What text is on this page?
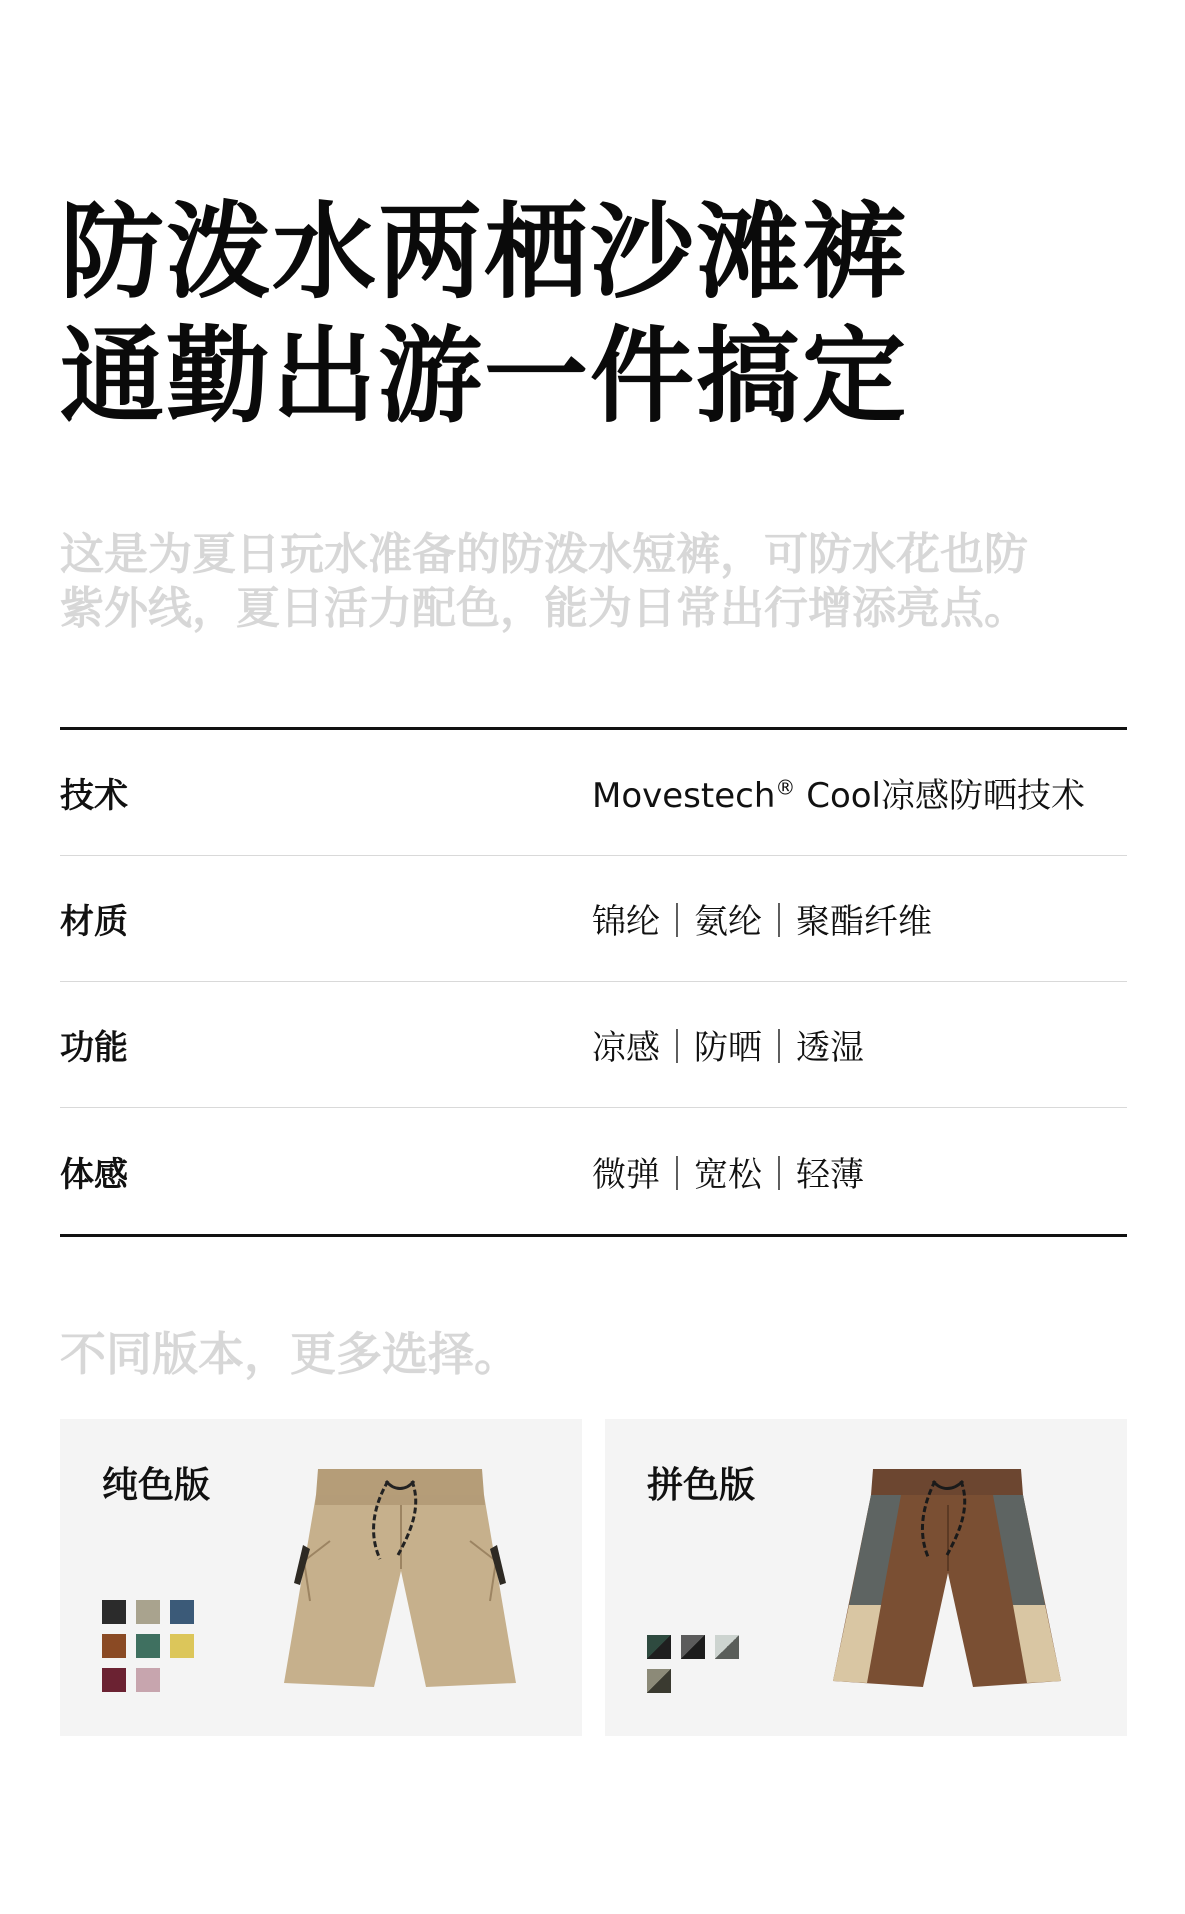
防泼水两栖沙滩裤
通勤出游一件搞定
这是为夏日玩水准备的防泼水短裤，可防水花也防
紫外线，夏日活力配色，能为日常出行增添亮点。
技术	Movestech® Cool凉感防晒技术
材质	锦纶｜氨纶｜聚酯纤维
功能	凉感｜防晒｜透湿
体感	微弹｜宽松｜轻薄
不同版本，更多选择。
纯色版	拼色版
